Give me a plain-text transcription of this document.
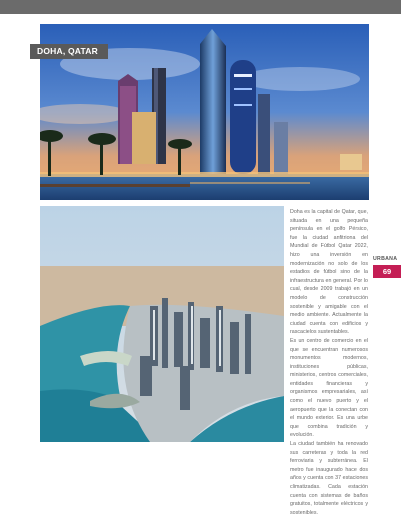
DOHA, QATAR

Doha es la capital de Qatar, que, situada en una pequeña península en el golfo Pérsico, fue la ciudad anfitriona del Mundial de Fútbol Qatar 2022, hizo una inversión en modernización no solo de los estadios de fútbol sino de la infraestructura en general. Por lo cual, desde 2009 trabajó en un modelo de construcción sostenible y amigable con el medio ambiente. Actualmente la ciudad cuenta con edificios y rascacielos sustentables.

Es un centro de comercio en el que se encuentran numerosos monumentos modernos, instituciones públicas, ministerios, centros comerciales, entidades financieras y organismos empresariales, así como el nuevo puerto y el aeropuerto que la conectan con el mundo exterior. Es una urbe que combina tradición y evolución.

La ciudad también ha renovado sus carreteras y toda la red ferroviaria y subterránea. El metro fue inaugurado hace dos años y cuenta con 37 estaciones climatizadas. Cada estación cuenta con sistemas de baños gratuitos, totalmente eléctricos y sostenibles.

URBANA
69
